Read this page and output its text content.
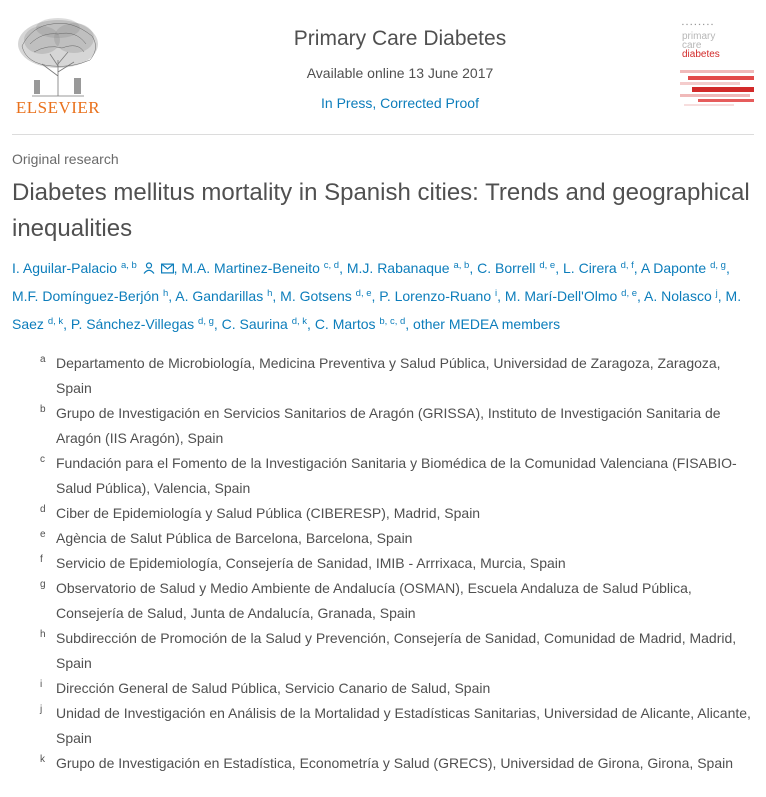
ELSEVIER
Primary Care Diabetes
Available online 13 June 2017
In Press, Corrected Proof
▪ ▪ ▪ ▪ ▪ ▪ ▪ ▪
primary
care
diabetes
Original research
Diabetes mellitus mortality in Spanish cities: Trends and geographical inequalities
I. Aguilar-Palacio $^{a, b}$	, M.A. Martinez-Beneito $^{c, d}$, M.J. Rabanaque $^{a, b}$, C. Borrell $^{d, e}$, L. Cirera $^{d, f}$, A Daponte $^{d, g}$, M.F. Domínguez-Berjón $^h$, A. Gandarillas $^h$, M. Gotsens $^{d, e}$, P. Lorenzo-Ruano $^i$, M. Marí-Dell'Olmo $^{d, e}$, A. Nolasco $^j$, M. Saez $^{d, k}$, P. Sánchez-Villegas $^{d, g}$, C. Saurina $^{d, k}$, C. Martos $^{b, c, d}$, other MEDEA members
a Departamento de Microbiología, Medicina Preventiva y Salud Pública, Universidad de Zaragoza, Zaragoza, Spain
b Grupo de Investigación en Servicios Sanitarios de Aragón (GRISSA), Instituto de Investigación Sanitaria de Aragón (IIS Aragón), Spain
c Fundación para el Fomento de la Investigación Sanitaria y Biomédica de la Comunidad Valenciana (FISABIO-Salud Pública), Valencia, Spain
d Ciber de Epidemiología y Salud Pública (CIBERESP), Madrid, Spain
e Agència de Salut Pública de Barcelona, Barcelona, Spain
f Servicio de Epidemiología, Consejería de Sanidad, IMIB - Arrrixaca, Murcia, Spain
g Observatorio de Salud y Medio Ambiente de Andalucía (OSMAN), Escuela Andaluza de Salud Pública, Consejería de Salud, Junta de Andalucía, Granada, Spain
h Subdirección de Promoción de la Salud y Prevención, Consejería de Sanidad, Comunidad de Madrid, Madrid, Spain
i Dirección General de Salud Pública, Servicio Canario de Salud, Spain
j Unidad de Investigación en Análisis de la Mortalidad y Estadísticas Sanitarias, Universidad de Alicante, Alicante, Spain
k Grupo de Investigación en Estadística, Econometría y Salud (GRECS), Universidad de Girona, Girona, Spain
